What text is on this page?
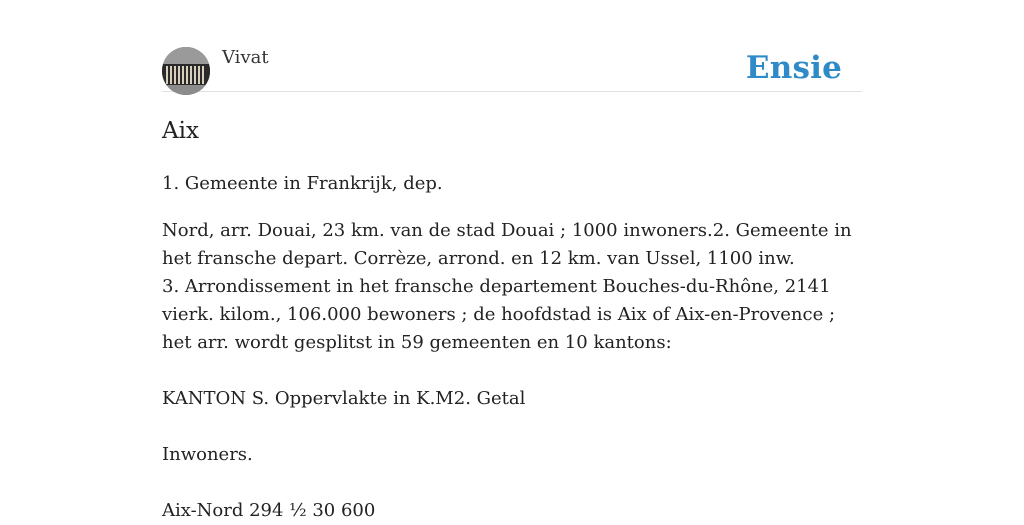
Vivat	Ensie
Aix

1. Gemeente in Frankrijk, dep.

Nord, arr. Douai, 23 km. van de stad Douai ; 1000 inwoners.2. Gemeente in het fransche depart. Corrèze, arrond. en 12 km. van Ussel, 1100 inw.

3. Arrondissement in het fransche departement Bouches-du-Rhône, 2141 vierk. kilom., 106.000 bewoners ; de hoofdstad is Aix of Aix-en-Provence ; het arr. wordt gesplitst in 59 gemeenten en 10 kantons:

KANTON S. Oppervlakte in K.M2. Getal

Inwoners.

Aix-Nord 294 ½ 30 600
